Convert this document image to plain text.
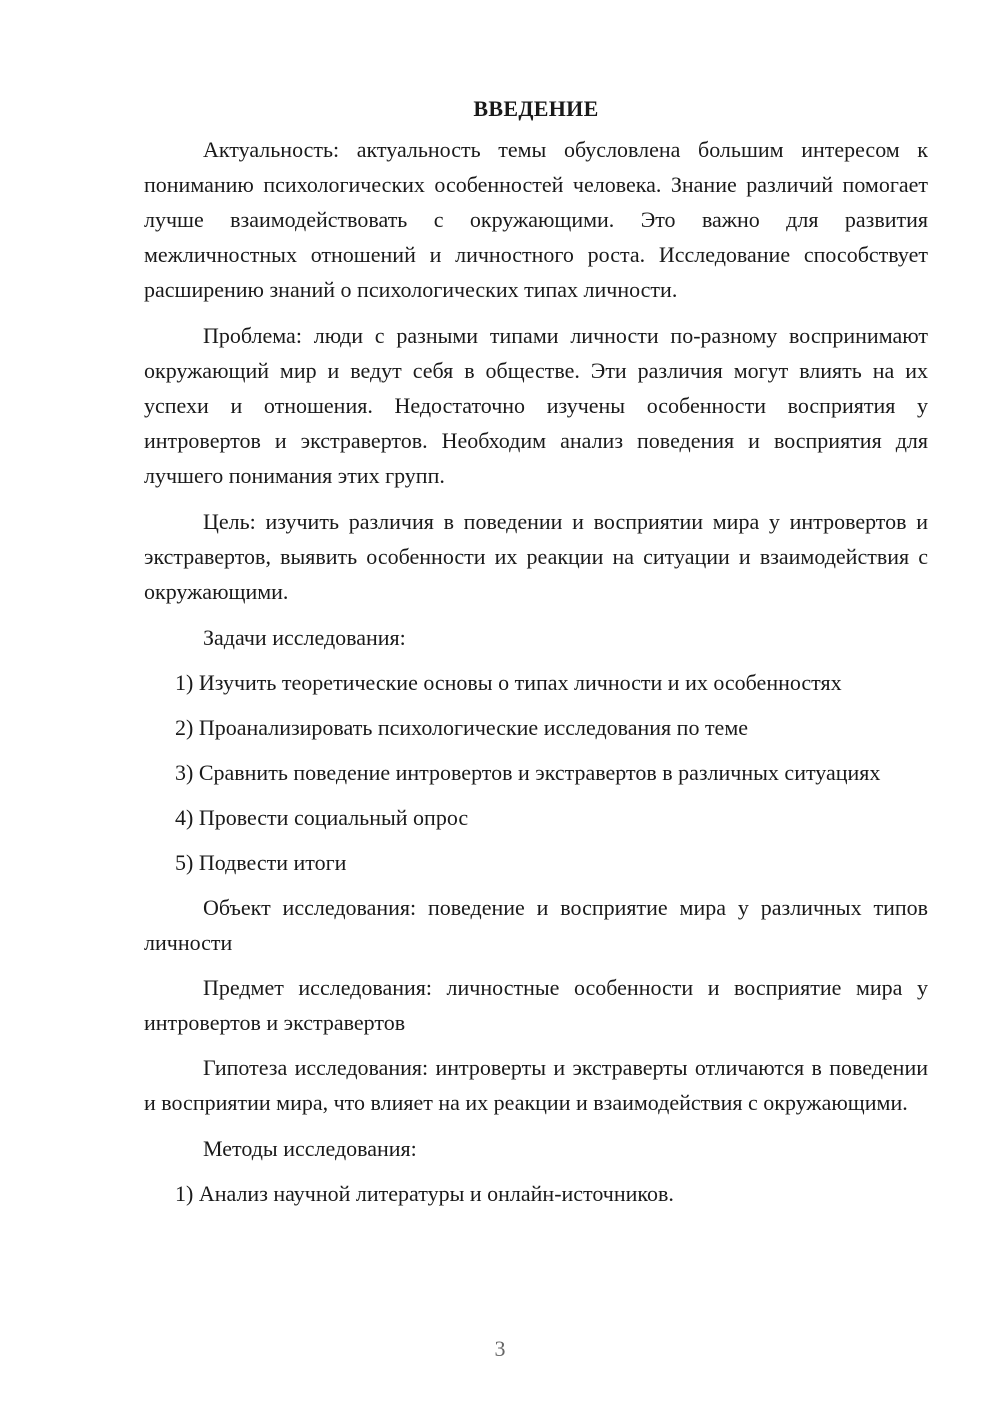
ВВЕДЕНИЕ

Актуальность: актуальность темы обусловлена большим интересом к пониманию психологических особенностей человека. Знание различий помогает лучше взаимодействовать с окружающими. Это важно для развития межличностных отношений и личностного роста. Исследование способствует расширению знаний о психологических типах личности.

Проблема: люди с разными типами личности по-разному воспринимают окружающий мир и ведут себя в обществе. Эти различия могут влиять на их успехи и отношения. Недостаточно изучены особенности восприятия у интровертов и экстравертов. Необходим анализ поведения и восприятия для лучшего понимания этих групп.

Цель: изучить различия в поведении и восприятии мира у интровертов и экстравертов, выявить особенности их реакции на ситуации и взаимодействия с окружающими.

Задачи исследования:

1) Изучить теоретические основы о типах личности и их особенностях

2) Проанализировать психологические исследования по теме

3) Сравнить поведение интровертов и экстравертов в различных ситуациях

4) Провести социальный опрос

5) Подвести итоги

Объект исследования: поведение и восприятие мира у различных типов личности

Предмет исследования: личностные особенности и восприятие мира у интровертов и экстравертов

Гипотеза исследования: интроверты и экстраверты отличаются в поведении и восприятии мира, что влияет на их реакции и взаимодействия с окружающими.

Методы исследования:

1) Анализ научной литературы и онлайн-источников.

3
